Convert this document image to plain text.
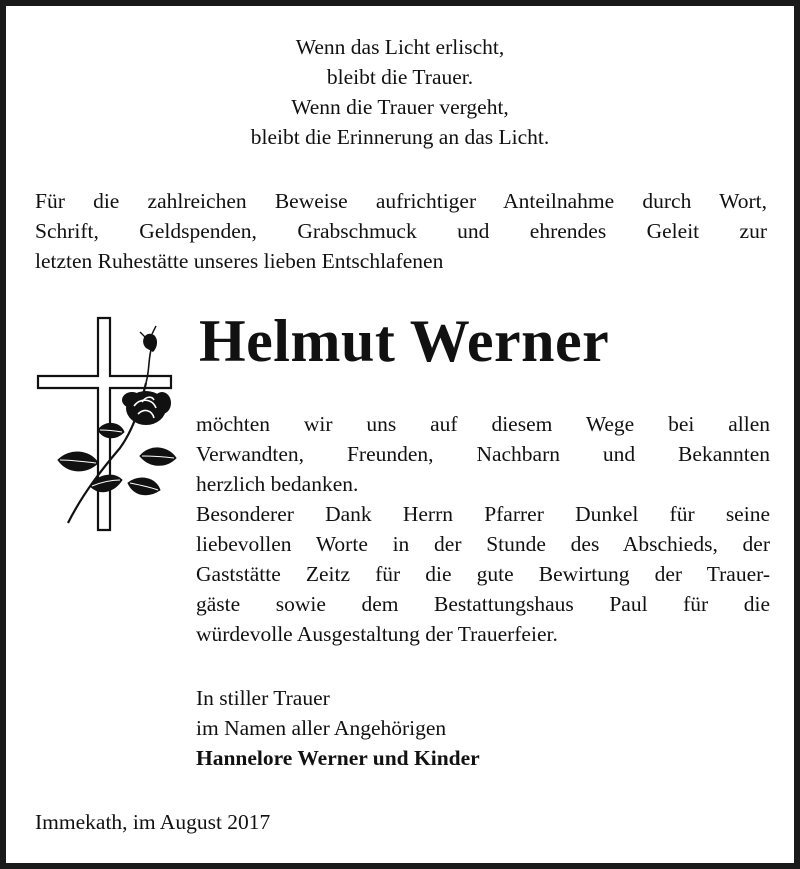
Wenn das Licht erlischt,
bleibt die Trauer.
Wenn die Trauer vergeht,
bleibt die Erinnerung an das Licht.
Für die zahlreichen Beweise aufrichtiger Anteilnahme durch Wort,
Schrift, Geldspenden, Grabschmuck und ehrendes Geleit zur
letzten Ruhestätte unseres lieben Entschlafenen
Helmut Werner
möchten wir uns auf diesem Wege bei allen
Verwandten, Freunden, Nachbarn und Bekannten
herzlich bedanken.
Besonderer Dank Herrn Pfarrer Dunkel für seine
liebevollen Worte in der Stunde des Abschieds, der
Gaststätte Zeitz für die gute Bewirtung der Trauer-
gäste sowie dem Bestattungshaus Paul für die
würdevolle Ausgestaltung der Trauerfeier.
In stiller Trauer
im Namen aller Angehörigen
Hannelore Werner und Kinder
Immekath, im August 2017
